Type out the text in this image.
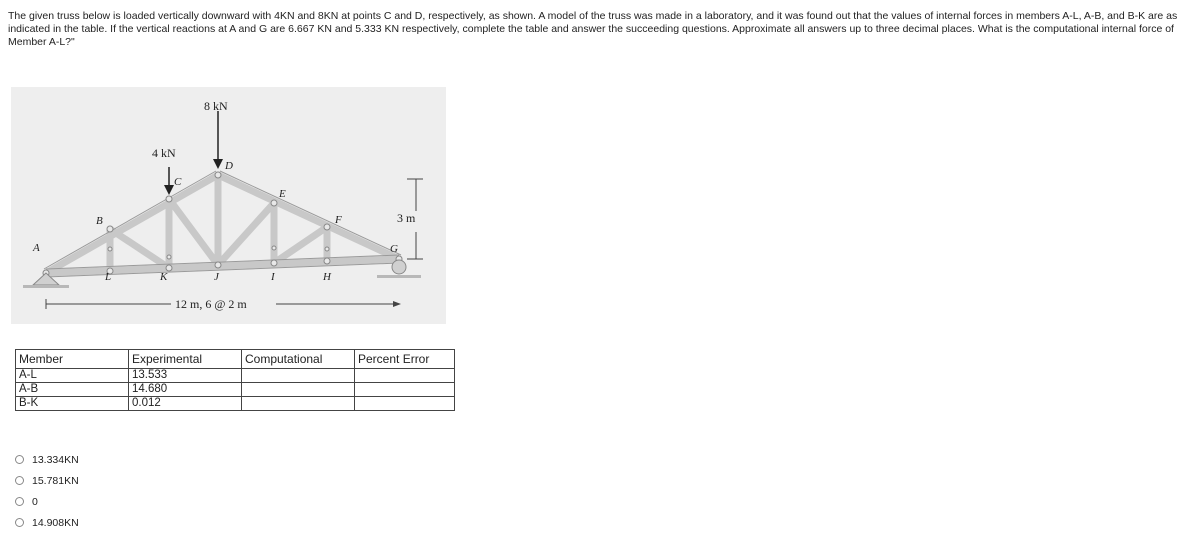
The given truss below is loaded vertically downward with 4KN and 8KN at points C and D, respectively, as shown. A model of the truss was made in a laboratory, and it was found out that the values of internal forces in members A-L, A-B, and B-K are as indicated in the table. If the vertical reactions at A and G are 6.667 KN and 5.333 KN respectively, complete the table and answer the succeeding questions. Approximate all answers up to three decimal places. What is the computational internal force of Member A-L?"
8 kN
4 kN
3 m
12 m, 6 @ 2 m
A
B
C
D
E
F
G
H
I
J
K
L
Member	Experimental	Computational	Percent Error
A-L	13.533		
A-B	14.680		
B-K	0.012		
13.334KN
15.781KN
0
14.908KN
